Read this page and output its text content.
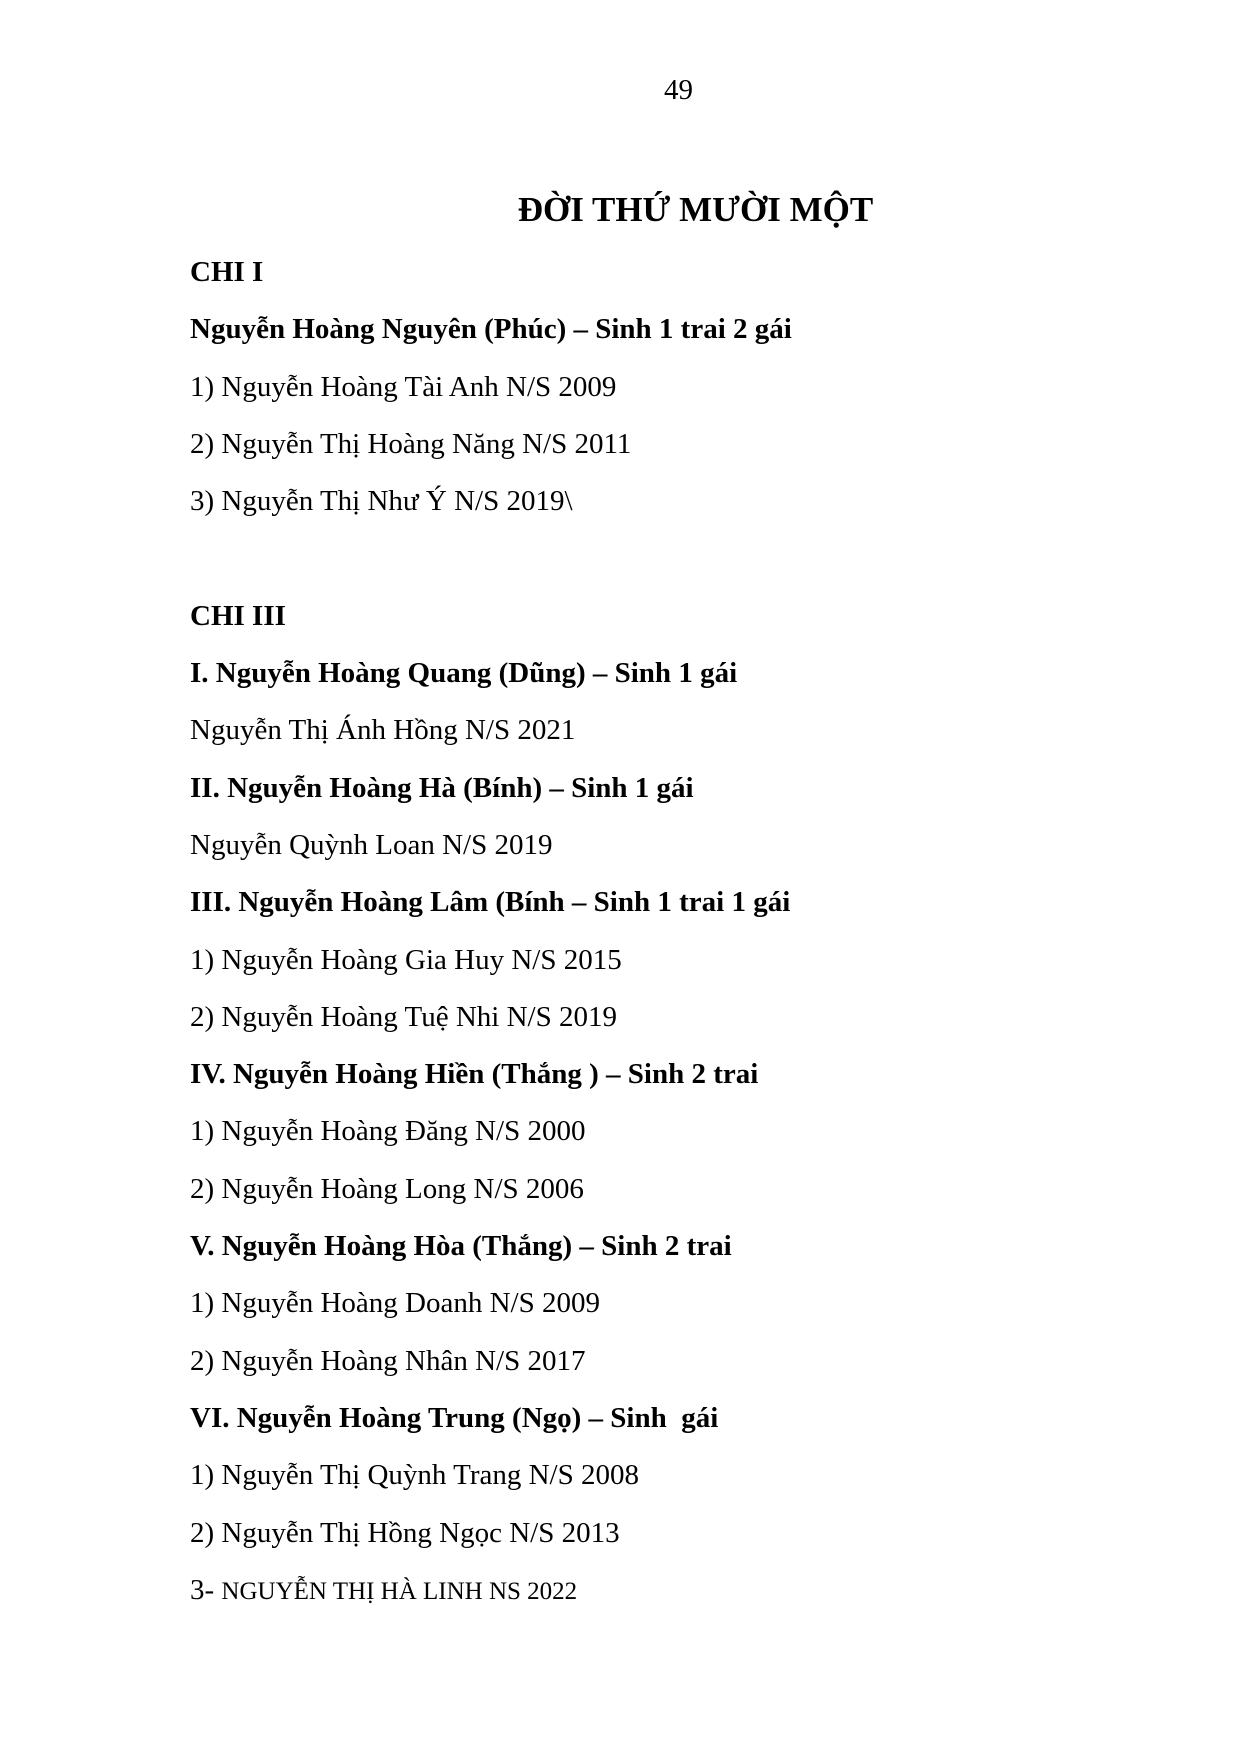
49
ĐỜI THỨ MƯỜI MỘT
CHI I
Nguyễn Hoàng Nguyên (Phúc) – Sinh 1 trai 2 gái
1) Nguyễn Hoàng Tài Anh N/S 2009
2) Nguyễn Thị Hoàng Năng N/S 2011
3) Nguyễn Thị Như Ý N/S 2019\
CHI III
I. Nguyễn Hoàng Quang (Dũng) – Sinh 1 gái
Nguyễn Thị Ánh Hồng N/S 2021
II. Nguyễn Hoàng Hà (Bính) – Sinh 1 gái
Nguyễn Quỳnh Loan N/S 2019
III. Nguyễn Hoàng Lâm (Bính – Sinh 1 trai 1 gái
1) Nguyễn Hoàng Gia Huy N/S 2015
2) Nguyễn Hoàng Tuệ Nhi N/S 2019
IV. Nguyễn Hoàng Hiền (Thắng ) – Sinh 2 trai
1) Nguyễn Hoàng Đăng N/S 2000
2) Nguyễn Hoàng Long N/S 2006
V. Nguyễn Hoàng Hòa (Thắng) – Sinh 2 trai
1) Nguyễn Hoàng Doanh N/S 2009
2) Nguyễn Hoàng Nhân N/S 2017
VI. Nguyễn Hoàng Trung (Ngọ) – Sinh  gái
1) Nguyễn Thị Quỳnh Trang N/S 2008
2) Nguyễn Thị Hồng Ngọc N/S 2013
3- NGUYỄN THỊ HÀ LINH NS 2022
